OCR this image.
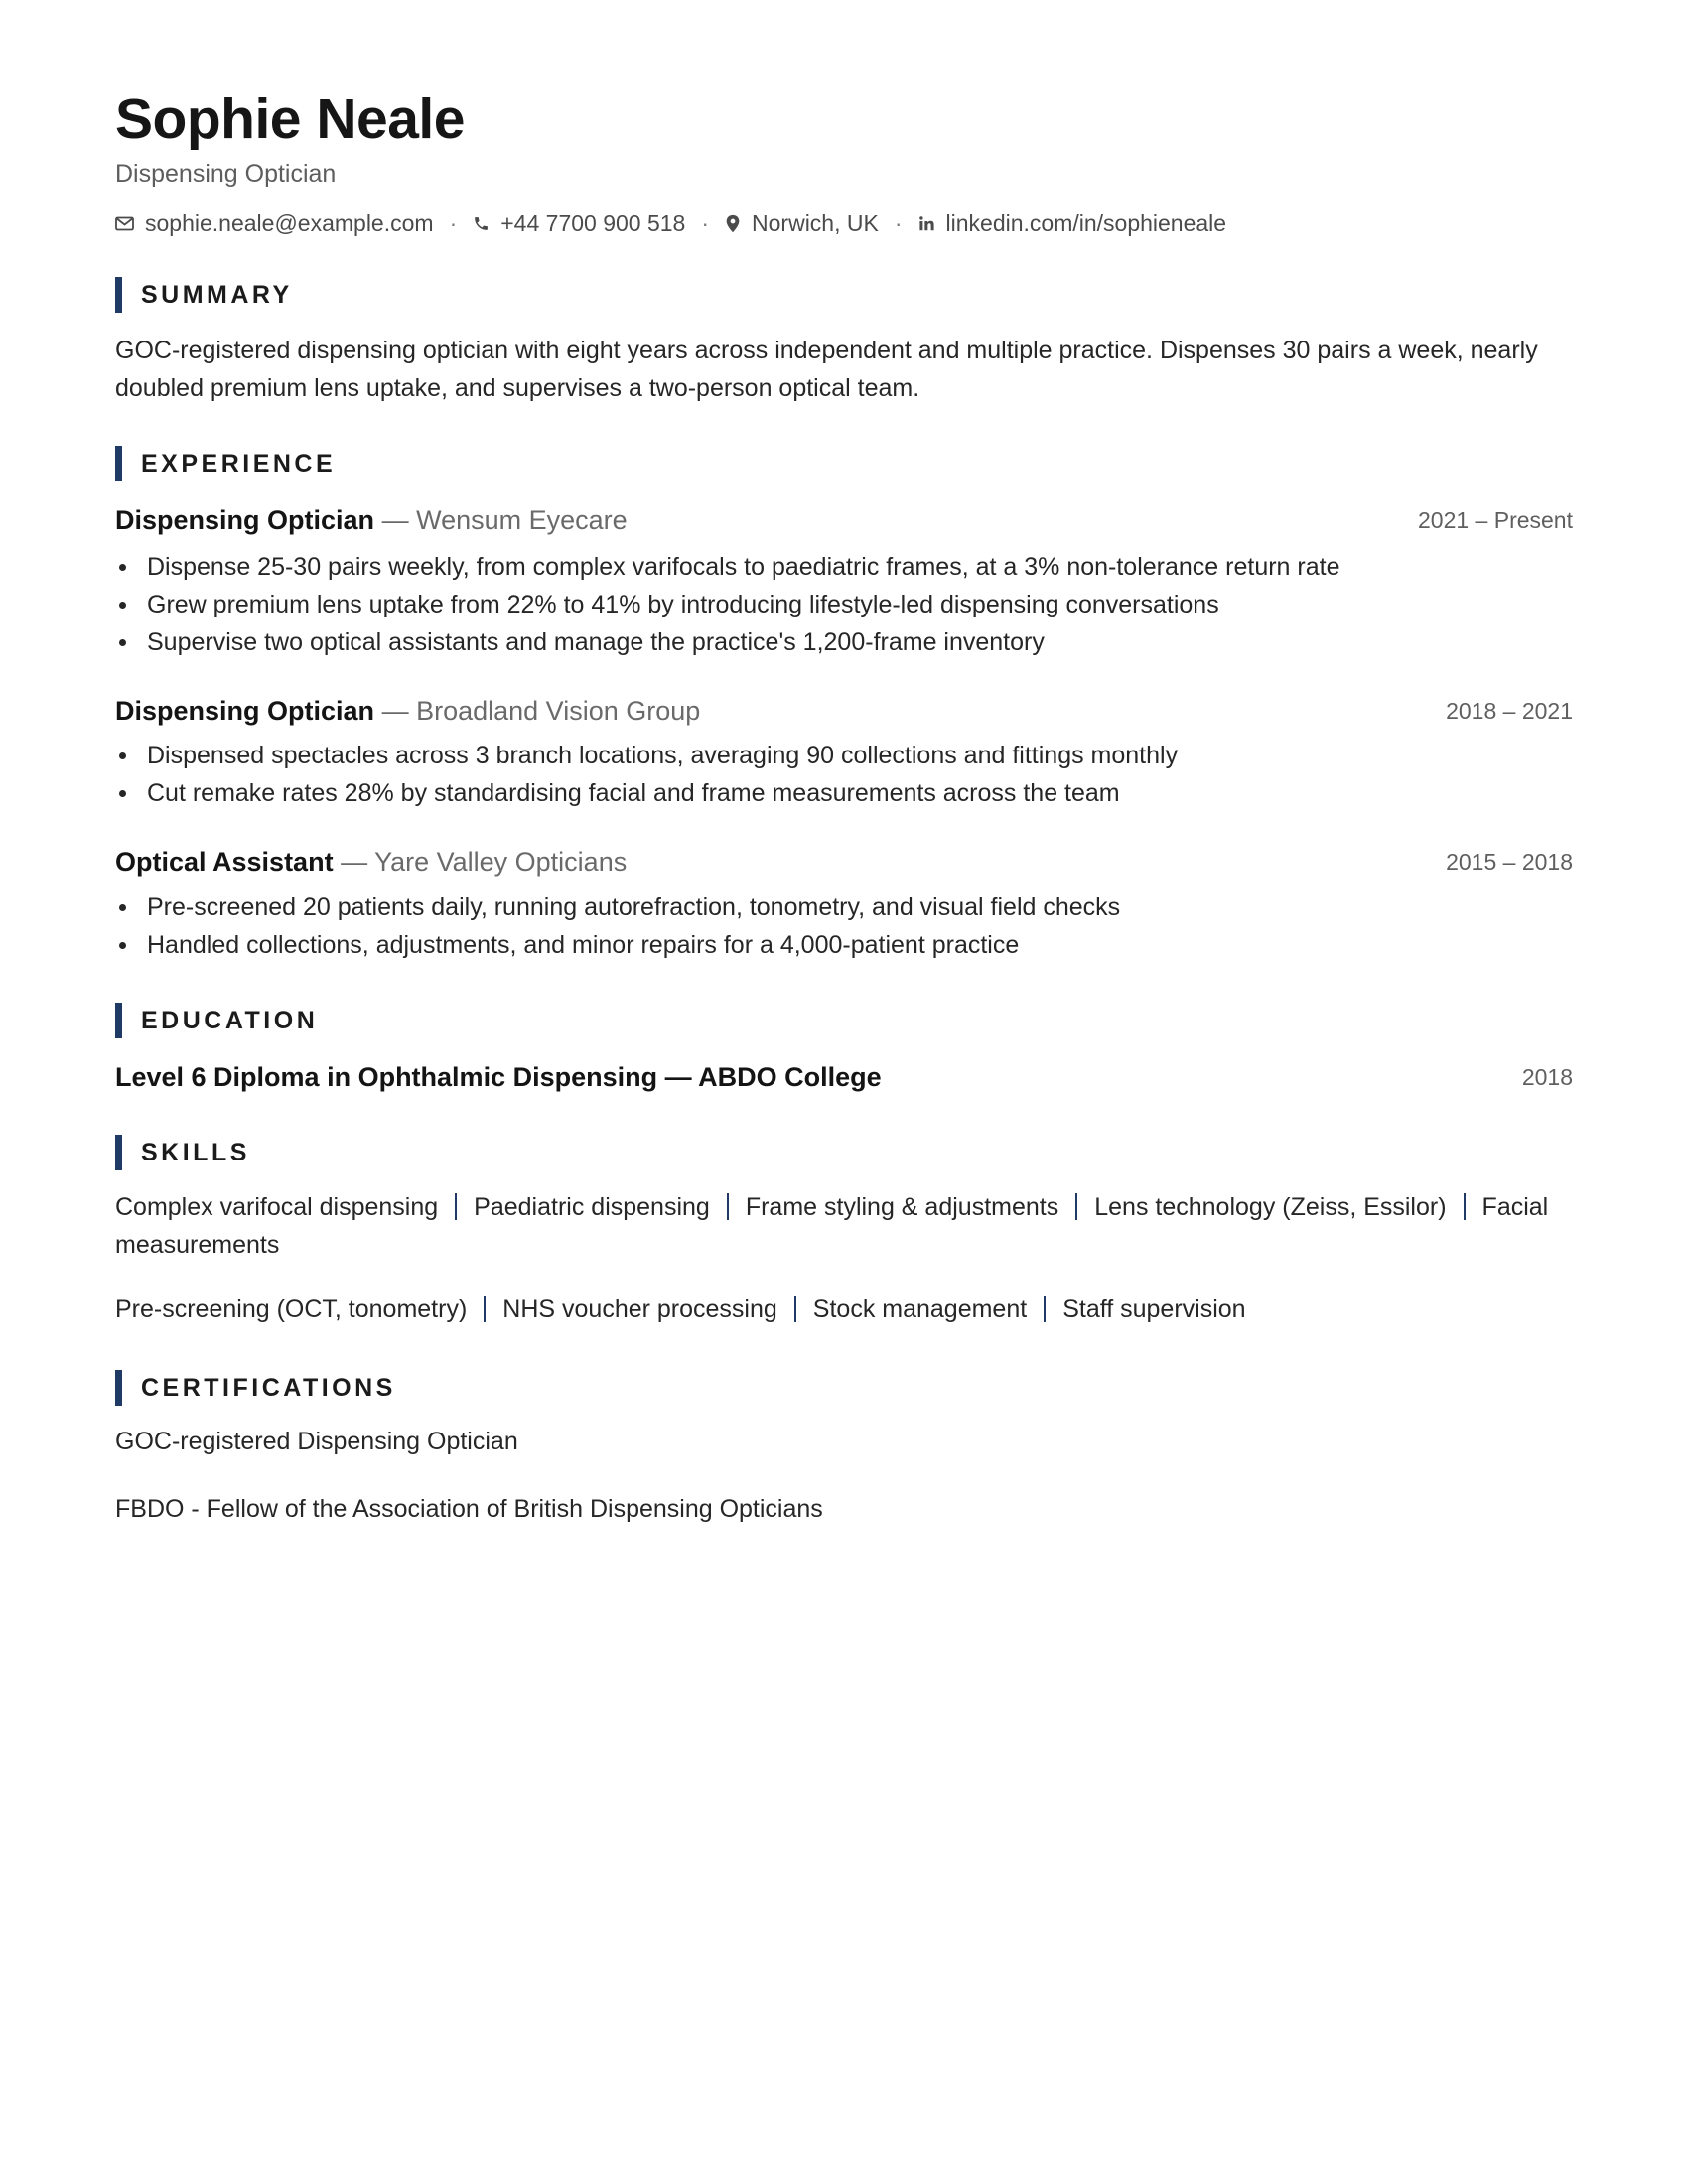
Sophie Neale
Dispensing Optician
sophie.neale@example.com · +44 7700 900 518 · Norwich, UK · linkedin.com/in/sophieneale
SUMMARY
GOC-registered dispensing optician with eight years across independent and multiple practice. Dispenses 30 pairs a week, nearly doubled premium lens uptake, and supervises a two-person optical team.
EXPERIENCE
Dispensing Optician — Wensum Eyecare	2021 – Present
Dispense 25-30 pairs weekly, from complex varifocals to paediatric frames, at a 3% non-tolerance return rate
Grew premium lens uptake from 22% to 41% by introducing lifestyle-led dispensing conversations
Supervise two optical assistants and manage the practice's 1,200-frame inventory
Dispensing Optician — Broadland Vision Group	2018 – 2021
Dispensed spectacles across 3 branch locations, averaging 90 collections and fittings monthly
Cut remake rates 28% by standardising facial and frame measurements across the team
Optical Assistant — Yare Valley Opticians	2015 – 2018
Pre-screened 20 patients daily, running autorefraction, tonometry, and visual field checks
Handled collections, adjustments, and minor repairs for a 4,000-patient practice
EDUCATION
Level 6 Diploma in Ophthalmic Dispensing — ABDO College	2018
SKILLS
Complex varifocal dispensing Paediatric dispensing Frame styling & adjustments Lens technology (Zeiss, Essilor) Facial measurements
Pre-screening (OCT, tonometry) NHS voucher processing Stock management Staff supervision
CERTIFICATIONS
GOC-registered Dispensing Optician
FBDO - Fellow of the Association of British Dispensing Opticians
